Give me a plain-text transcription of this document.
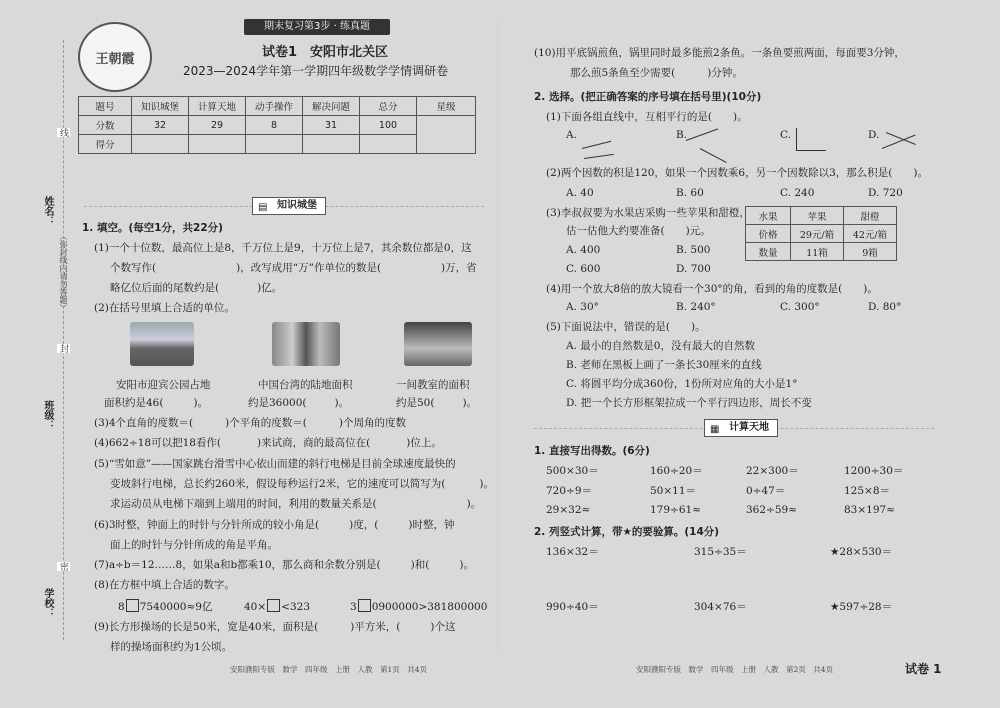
姓名：
班级：
学校：
（弥封线内请勿答题）
线
封
密
王朝霞
期末复习第3步 · 练真题
试卷1　安阳市北关区
2023—2024学年第一学期四年级数学学情调研卷
题号	知识城堡	计算天地	动手操作	解决问题	总分	星级
分数	32	29	8	31	100	
得分						
▤ 知识城堡
1. 填空。(每空1分，共22分)
(1)一个十位数，最高位上是8，千万位上是9，十万位上是7，其余数位都是0，这
个数写作(	)，改写成用“万”作单位的数是(	)万，省
略亿位后面的尾数约是(	)亿。
(2)在括号里填上合适的单位。
安阳市迎宾公园占地
面积约是46(	)。
中国台湾的陆地面积
约是36000(	)。
一间教室的面积
约是50(	)。
(3)4个直角的度数＝(	)个平角的度数＝(	)个周角的度数
(4)662÷18可以把18看作(	)来试商，商的最高位在(	)位上。
(5)“雪如意”——国家跳台滑雪中心依山而建的斜行电梯是目前全球速度最快的
变坡斜行电梯，总长约260米，假设每秒运行2米，它的速度可以简写为(	)。
求运动员从电梯下端到上端用的时间，利用的数量关系是(	)。
(6)3时整，钟面上的时针与分针所成的较小角是(	)度，(	)时整，钟
面上的时针与分针所成的角是平角。
(7)a÷b＝12……8，如果a和b都乘10，那么商和余数分别是(	)和(	)。
(8)在方框中填上合适的数字。
8 7540000≈9亿	40× <323	3 0900000>381800000
(9)长方形操场的长是50米，宽是40米，面积是(	)平方米，(	)个这
样的操场面积约为1公顷。
安阳濮阳专版　数学　四年级　上册　人教　第1页　共4页
(10)用平底锅煎鱼，锅里同时最多能煎2条鱼。一条鱼要煎两面，每面要3分钟，
那么煎5条鱼至少需要(	)分钟。
2. 选择。(把正确答案的序号填在括号里)(10分)
(1)下面各组直线中，互相平行的是(　　)。
A.	B.	C.	D.
(2)两个因数的积是120，如果一个因数乘6，另一个因数除以3，那么积是(　　)。
A. 40	B. 60	C. 240	D. 720
(3)李叔叔要为水果店采购一些苹果和甜橙，
估一估他大约要准备(　　)元。
A. 400	B. 500
C. 600	D. 700
水果	苹果	甜橙
价格	29元/箱	42元/箱
数量	11箱	9箱
(4)用一个放大8倍的放大镜看一个30°的角，看到的角的度数是(　　)。
A. 30°	B. 240°	C. 300°	D. 80°
(5)下面说法中，错误的是(　　)。
A. 最小的自然数是0，没有最大的自然数
B. 老师在黑板上画了一条长30厘米的直线
C. 将圆平均分成360份，1份所对应角的大小是1°
D. 把一个长方形框架拉成一个平行四边形，周长不变
▦ 计算天地
1. 直接写出得数。(6分)
500×30＝	160÷20＝	22×300＝	1200÷30＝
720÷9＝	50×11＝	0÷47＝	125×8＝
29×32≈	179÷61≈	362÷59≈	83×197≈
2. 列竖式计算，带★的要验算。(14分)
136×32＝	315÷35＝	★28×530＝
990÷40＝	304×76＝	★597÷28＝
安阳濮阳专版　数学　四年级　上册　人教　第2页　共4页	试卷 1
